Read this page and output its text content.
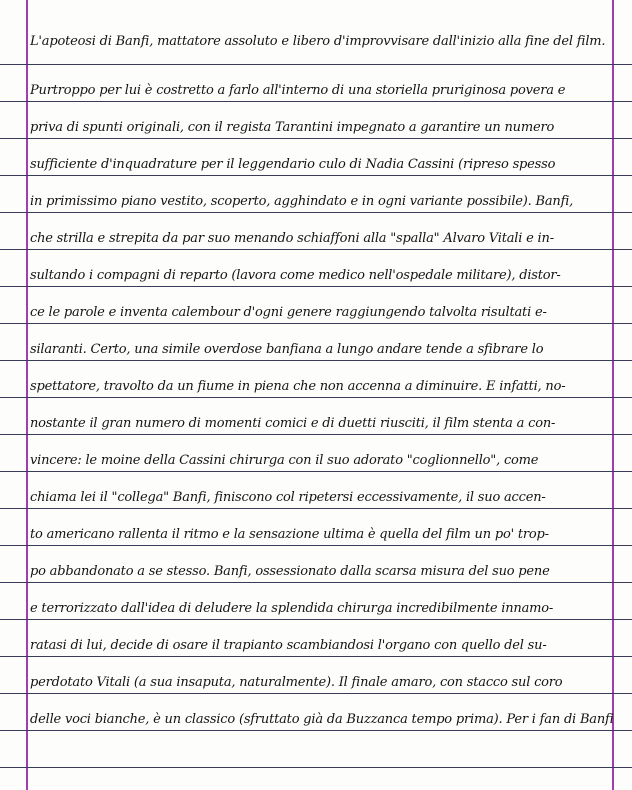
L'apoteosi di Banfi, mattatore assoluto e libero d'improvvisare dall'inizio alla fine del film.
Purtroppo per lui è costretto a farlo all'interno di una storiella pruriginosa povera e
priva di spunti originali, con il regista Tarantini impegnato a garantire un numero
sufficiente d'inquadrature per il leggendario culo di Nadia Cassini (ripreso spesso
in primissimo piano vestito, scoperto, agghindato e in ogni variante possibile). Banfi,
che strilla e strepita da par suo menando schiaffoni alla "spalla" Alvaro Vitali e in-
sultando i compagni di reparto (lavora come medico nell'ospedale militare), distor-
ce le parole e inventa calembour d'ogni genere raggiungendo talvolta risultati e-
silaranti. Certo, una simile overdose banfiana a lungo andare tende a sfibrare lo
spettatore, travolto da un fiume in piena che non accenna a diminuire. E infatti, no-
nostante il gran numero di momenti comici e di duetti riusciti, il film stenta a con-
vincere: le moine della Cassini chirurga con il suo adorato "coglionnello", come
chiama lei il "collega" Banfi, finiscono col ripetersi eccessivamente, il suo accen-
to americano rallenta il ritmo e la sensazione ultima è quella del film un po' trop-
po abbandonato a se stesso. Banfi, ossessionato dalla scarsa misura del suo pene
e terrorizzato dall'idea di deludere la splendida chirurga incredibilmente innamo-
ratasi di lui, decide di osare il trapianto scambiandosi l'organo con quello del su-
perdotato Vitali (a sua insaputa, naturalmente). Il finale amaro, con stacco sul coro
delle voci bianche, è un classico (sfruttato già da Buzzanca tempo prima). Per i fan di Banfi
